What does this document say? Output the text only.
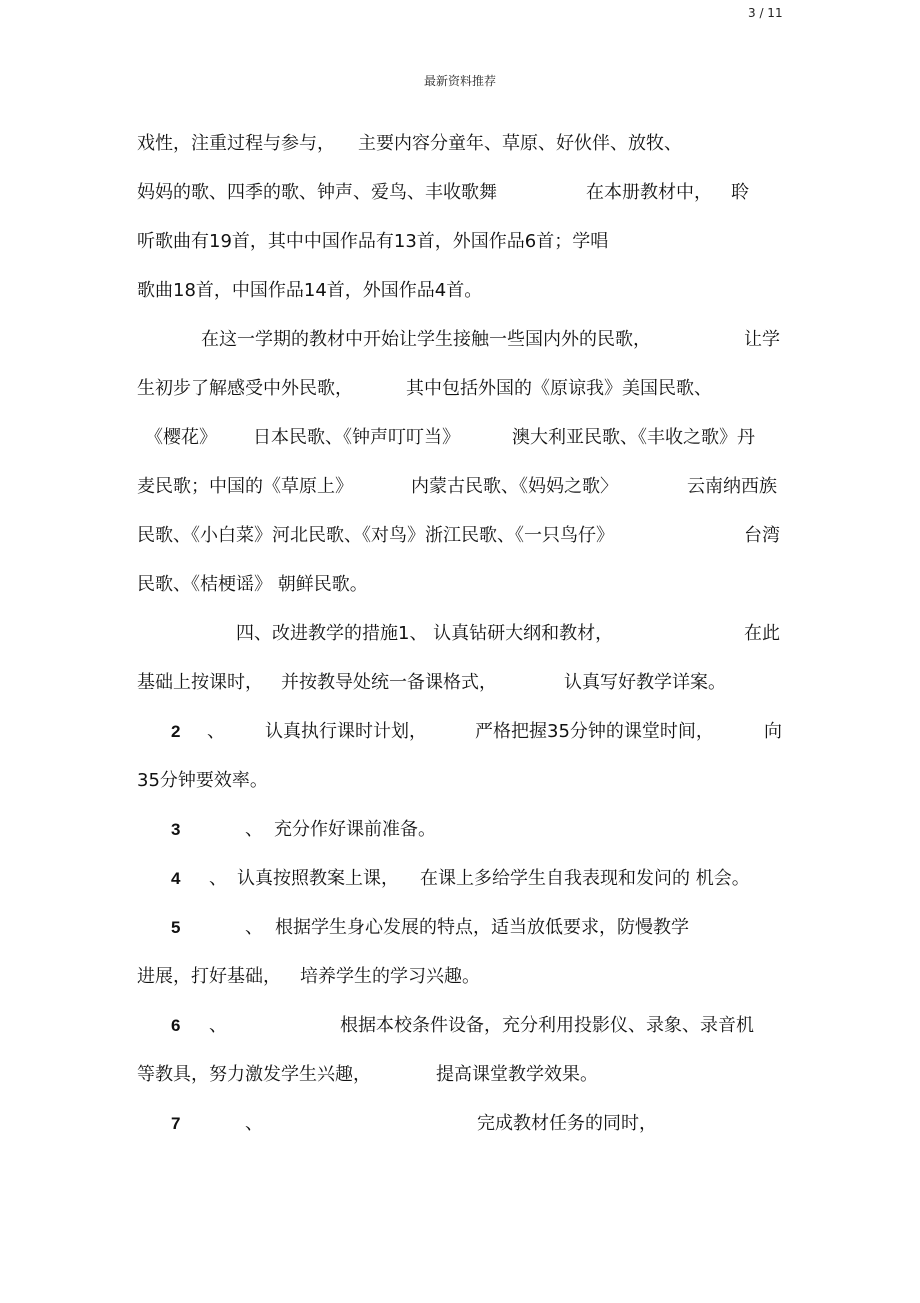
3 / 11
最新资料推荐
戏性，注重过程与参与， 主要内容分童年、草原、好伙伴、放牧、
妈妈的歌、四季的歌、钟声、爱鸟、丰收歌舞	在本册教材中， 聆
听歌曲有19首，其中中国作品有13首，外国作品6首；学唱
歌曲18首，中国作品14首，外国作品4首。
在这一学期的教材中开始让学生接触一些国内外的民歌，	让学
生初步了解感受中外民歌，	其中包括外国的《原谅我》美国民歌、
《樱花》 日本民歌、《钟声叮叮当》	澳大利亚民歌、《丰收之歌》丹
麦民歌；中国的《草原上》	内蒙古民歌、《妈妈之歌〉	云南纳西族
民歌、《小白菜》河北民歌、《对鸟》浙江民歌、《一只鸟仔》	台湾
民歌、《桔梗谣》 朝鲜民歌。
四、改进教学的措施1、 认真钻研大纲和教材，	在此
基础上按课时， 并按教导处统一备课格式，	认真写好教学详案。
2 、 认真执行课时计划，	严格把握35分钟的课堂时间，	向
35分钟要效率。
3	、 充分作好课前准备。
4 、 认真按照教案上课， 在课上多给学生自我表现和发问的 机会。
5	、 根据学生身心发展的特点，适当放低要求，防慢教学
进展，打好基础， 培养学生的学习兴趣。
6 、	根据本校条件设备，充分利用投影仪、录象、录音机
等教具，努力激发学生兴趣，	提高课堂教学效果。
7	、	完成教材任务的同时，
